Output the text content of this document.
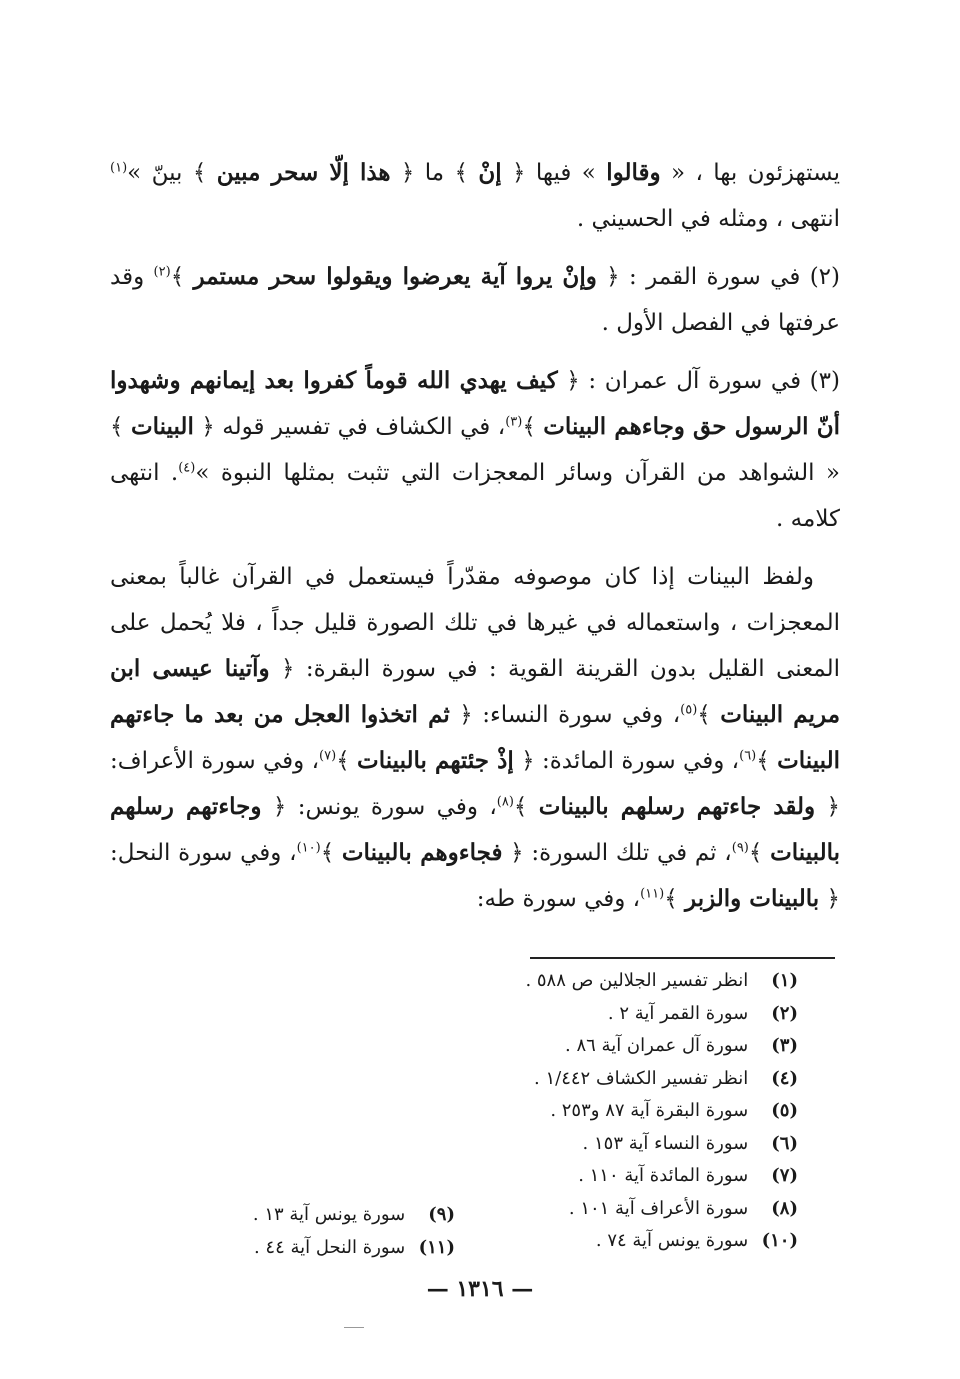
يستهزئون بها ، « وقالوا » فيها ﴿ إنْ ﴾ ما ﴿ هذا إلّا سحر مبين ﴾ بينّ »$^{(١)}$ انتهى ، ومثله في الحسيني .

(٢) في سورة القمر : ﴿ وإنْ يروا آية يعرضوا ويقولوا سحر مستمر ﴾$^{(٢)}$ وقد عرفتها في الفصل الأول .

(٣) في سورة آل عمران : ﴿ كيف يهدي الله قوماً كفروا بعد إيمانهم وشهدوا أنّ الرسول حق وجاءهم البينات ﴾$^{(٣)}$، في الكشاف في تفسير قوله ﴿ البينات ﴾ « الشواهد من القرآن وسائر المعجزات التي تثبت بمثلها النبوة »$^{(٤)}$. انتهى كلامه .

ولفظ البينات إذا كان موصوفه مقدّراً فيستعمل في القرآن غالباً بمعنى المعجزات ، واستعماله في غيرها في تلك الصورة قليل جداً ، فلا يُحمل على المعنى القليل بدون القرينة القوية : في سورة البقرة: ﴿ وآتينا عيسى ابن مريم البينات ﴾$^{(٥)}$، وفي سورة النساء: ﴿ ثم اتخذوا العجل من بعد ما جاءتهم البينات ﴾$^{(٦)}$، وفي سورة المائدة: ﴿ إذْ جئتهم بالبينات ﴾$^{(٧)}$، وفي سورة الأعراف: ﴿ ولقد جاءتهم رسلهم بالبينات ﴾$^{(٨)}$، وفي سورة يونس: ﴿ وجاءتهم رسلهم بالبينات ﴾$^{(٩)}$، ثم في تلك السورة: ﴿ فجاءوهم بالبينات ﴾$^{(١٠)}$، وفي سورة النحل: ﴿ بالبينات والزبر ﴾$^{(١١)}$، وفي سورة طه:

(١) انظر تفسير الجلالين ص ٥٨٨ .
(٢) سورة القمر آية ٢ .
(٣) سورة آل عمران آية ٨٦ .
(٤) انظر تفسير الكشاف ١/٤٤٢ .
(٥) سورة البقرة آية ٨٧ و٢٥٣ .
(٦) سورة النساء آية ١٥٣ .
(٧) سورة المائدة آية ١١٠ .
(٨) سورة الأعراف آية ١٠١ .
(١٠) سورة يونس آية ٧٤ .
(٩) سورة يونس آية ١٣ .
(١١) سورة النحل آية ٤٤ .
— ١٣١٦ —
